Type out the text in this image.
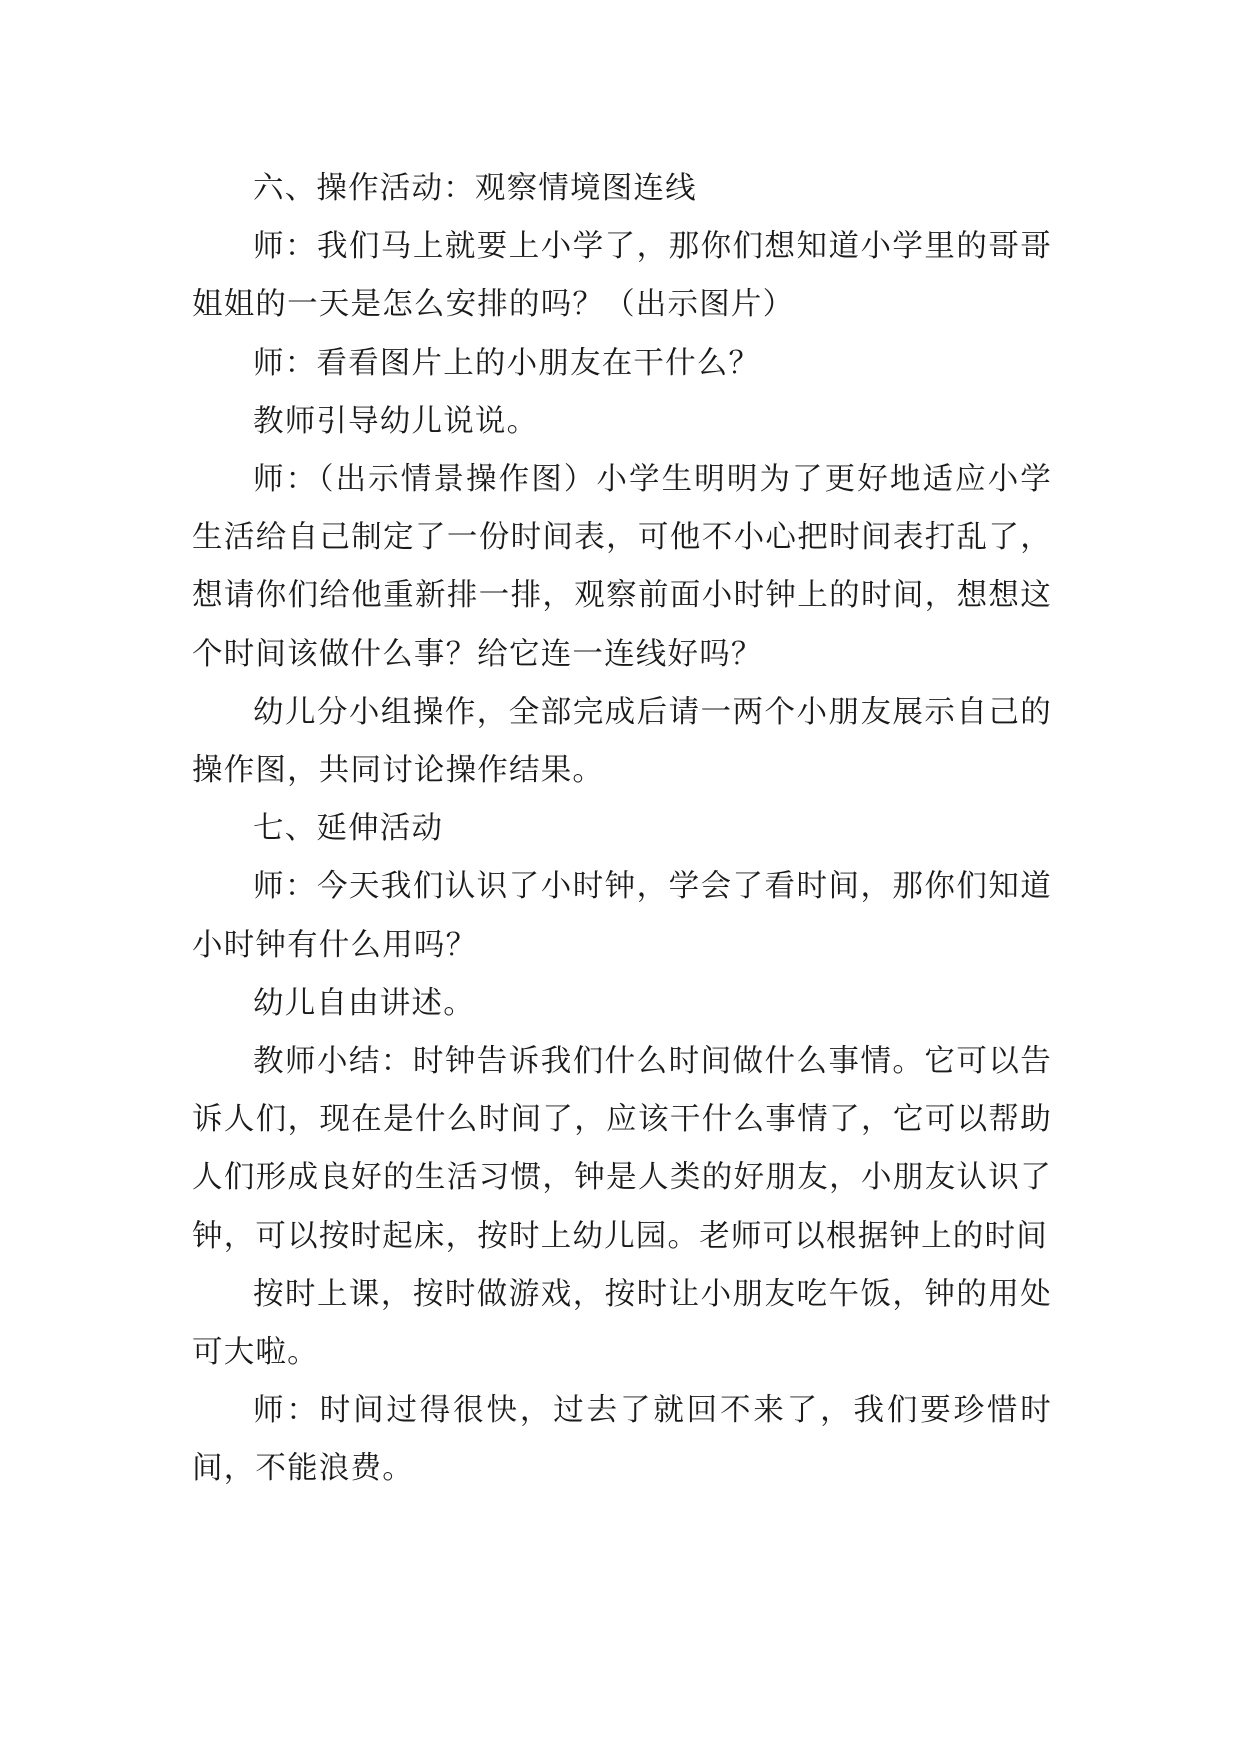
六、操作活动：观察情境图连线

师：我们马上就要上小学了，那你们想知道小学里的哥哥姐姐的一天是怎么安排的吗？（出示图片）

师：看看图片上的小朋友在干什么？

教师引导幼儿说说。

师：（出示情景操作图）小学生明明为了更好地适应小学生活给自己制定了一份时间表，可他不小心把时间表打乱了，想请你们给他重新排一排，观察前面小时钟上的时间，想想这个时间该做什么事？给它连一连线好吗？

幼儿分小组操作，全部完成后请一两个小朋友展示自己的操作图，共同讨论操作结果。

七、延伸活动

师：今天我们认识了小时钟，学会了看时间，那你们知道小时钟有什么用吗？

幼儿自由讲述。

教师小结：时钟告诉我们什么时间做什么事情。它可以告诉人们，现在是什么时间了，应该干什么事情了，它可以帮助人们形成良好的生活习惯，钟是人类的好朋友，小朋友认识了钟，可以按时起床，按时上幼儿园。老师可以根据钟上的时间

按时上课，按时做游戏，按时让小朋友吃午饭，钟的用处可大啦。

师：时间过得很快，过去了就回不来了，我们要珍惜时间，不能浪费。
